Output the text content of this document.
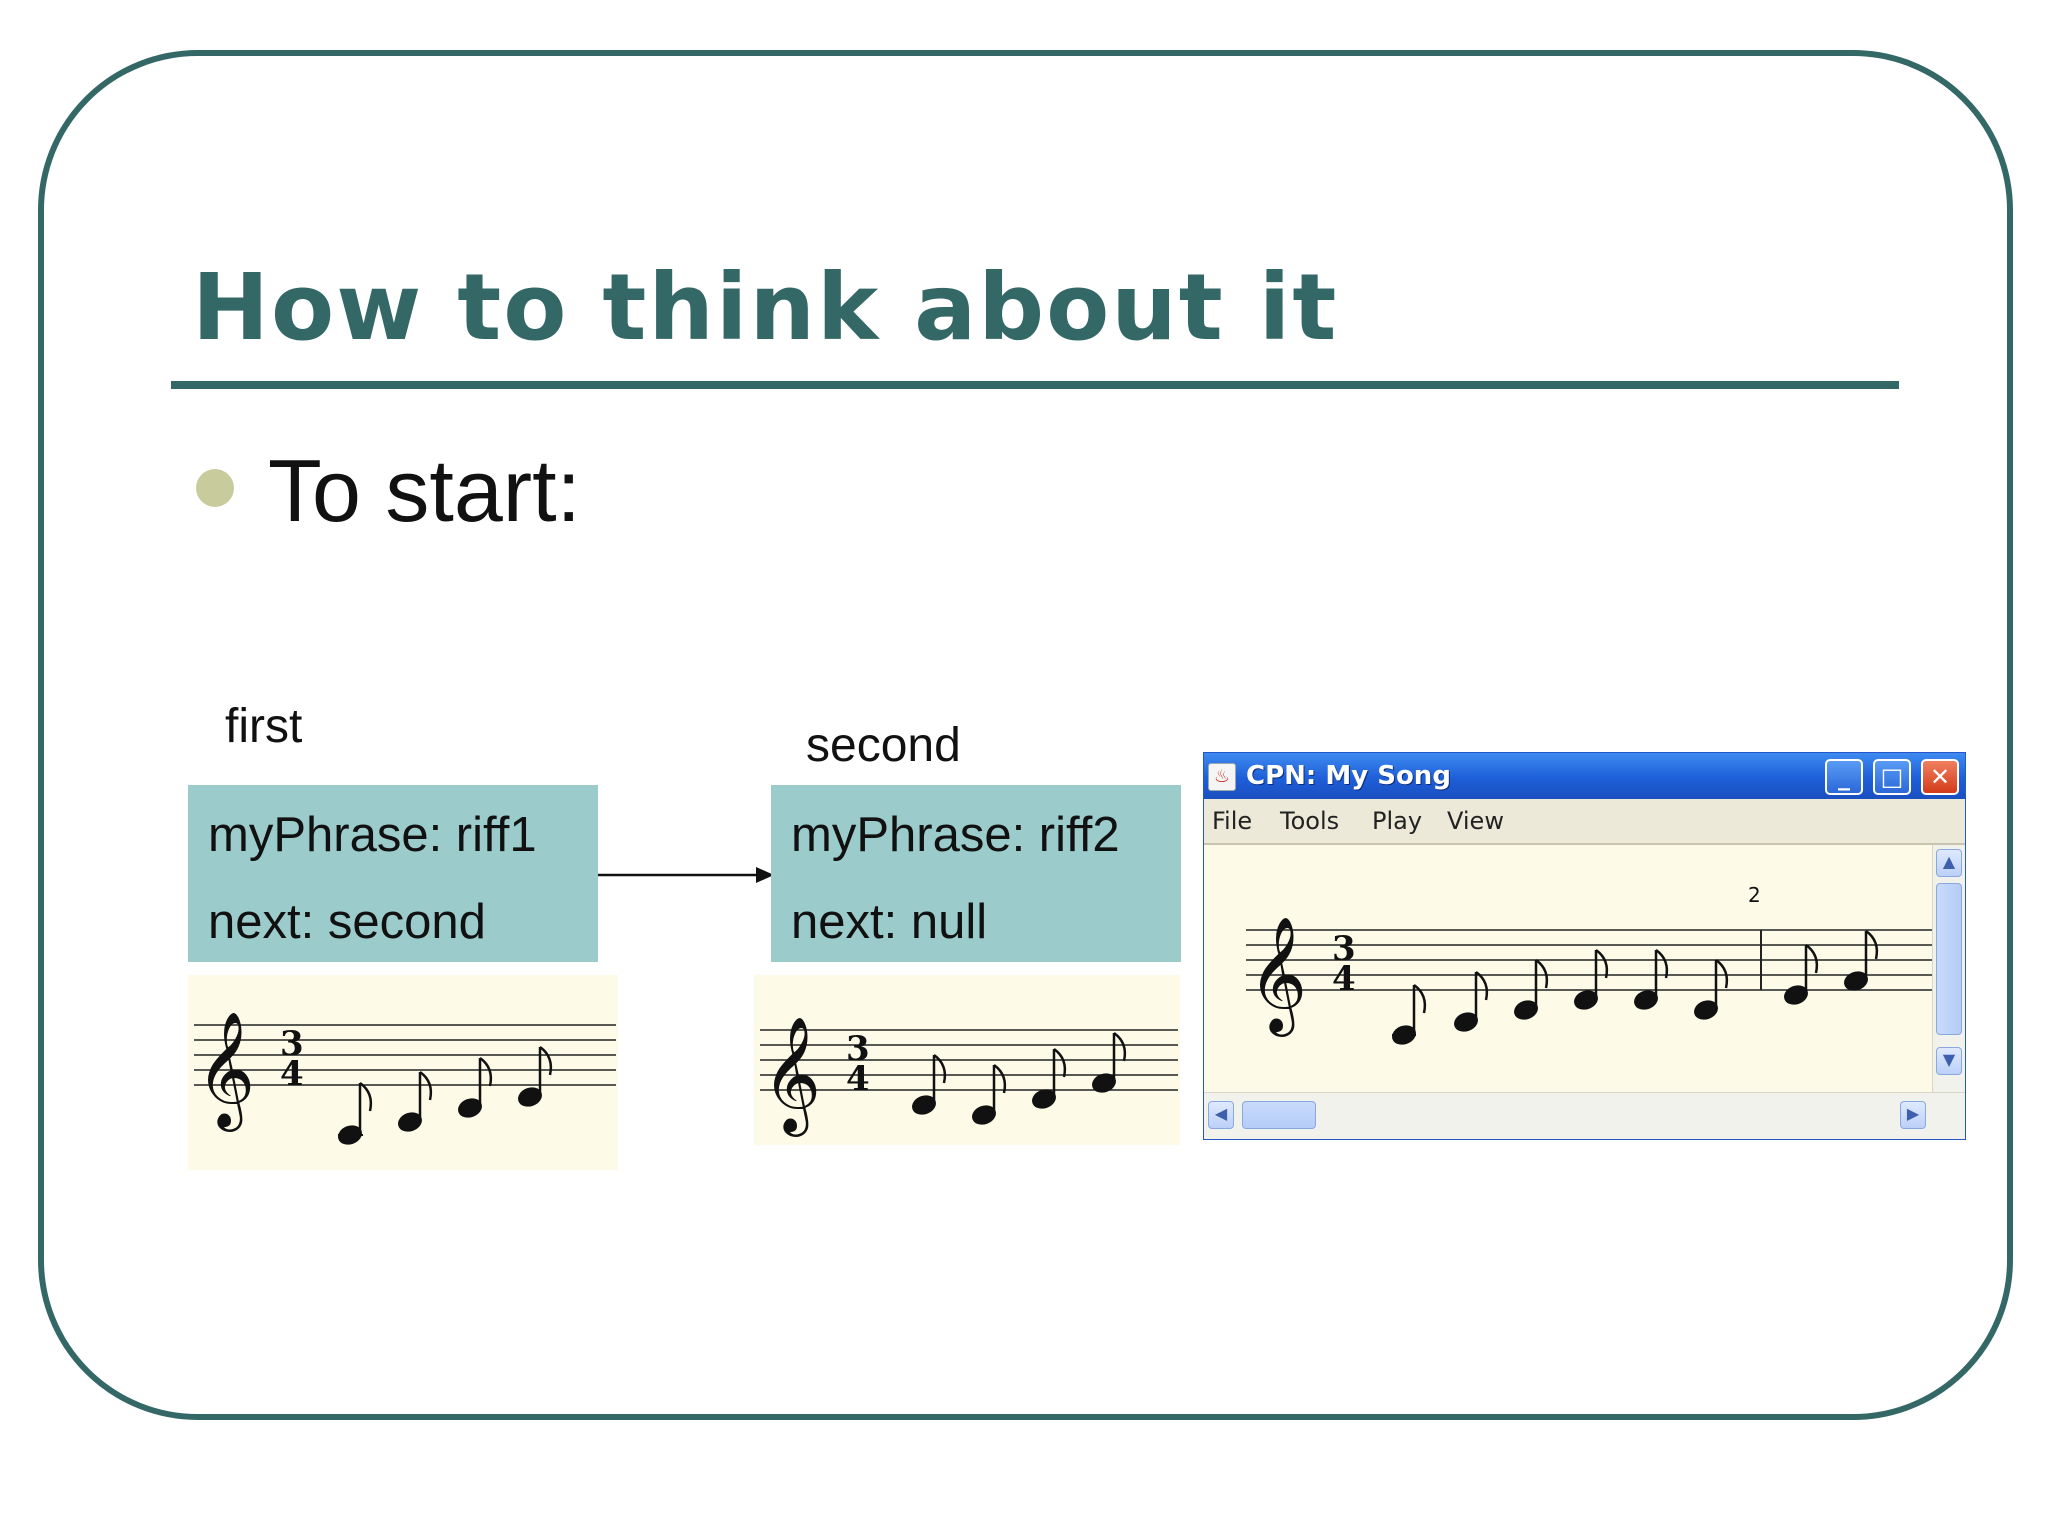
How to think about it
To start:
first
myPhrase: riff1
next: second
second
myPhrase: riff2
next: null
𝄞 3
4	𝄞 3
4
♨ CPN: My Song	_	□	✕
File Tools Play View
2
𝄞 3
4
▲
▼
◀	▶
